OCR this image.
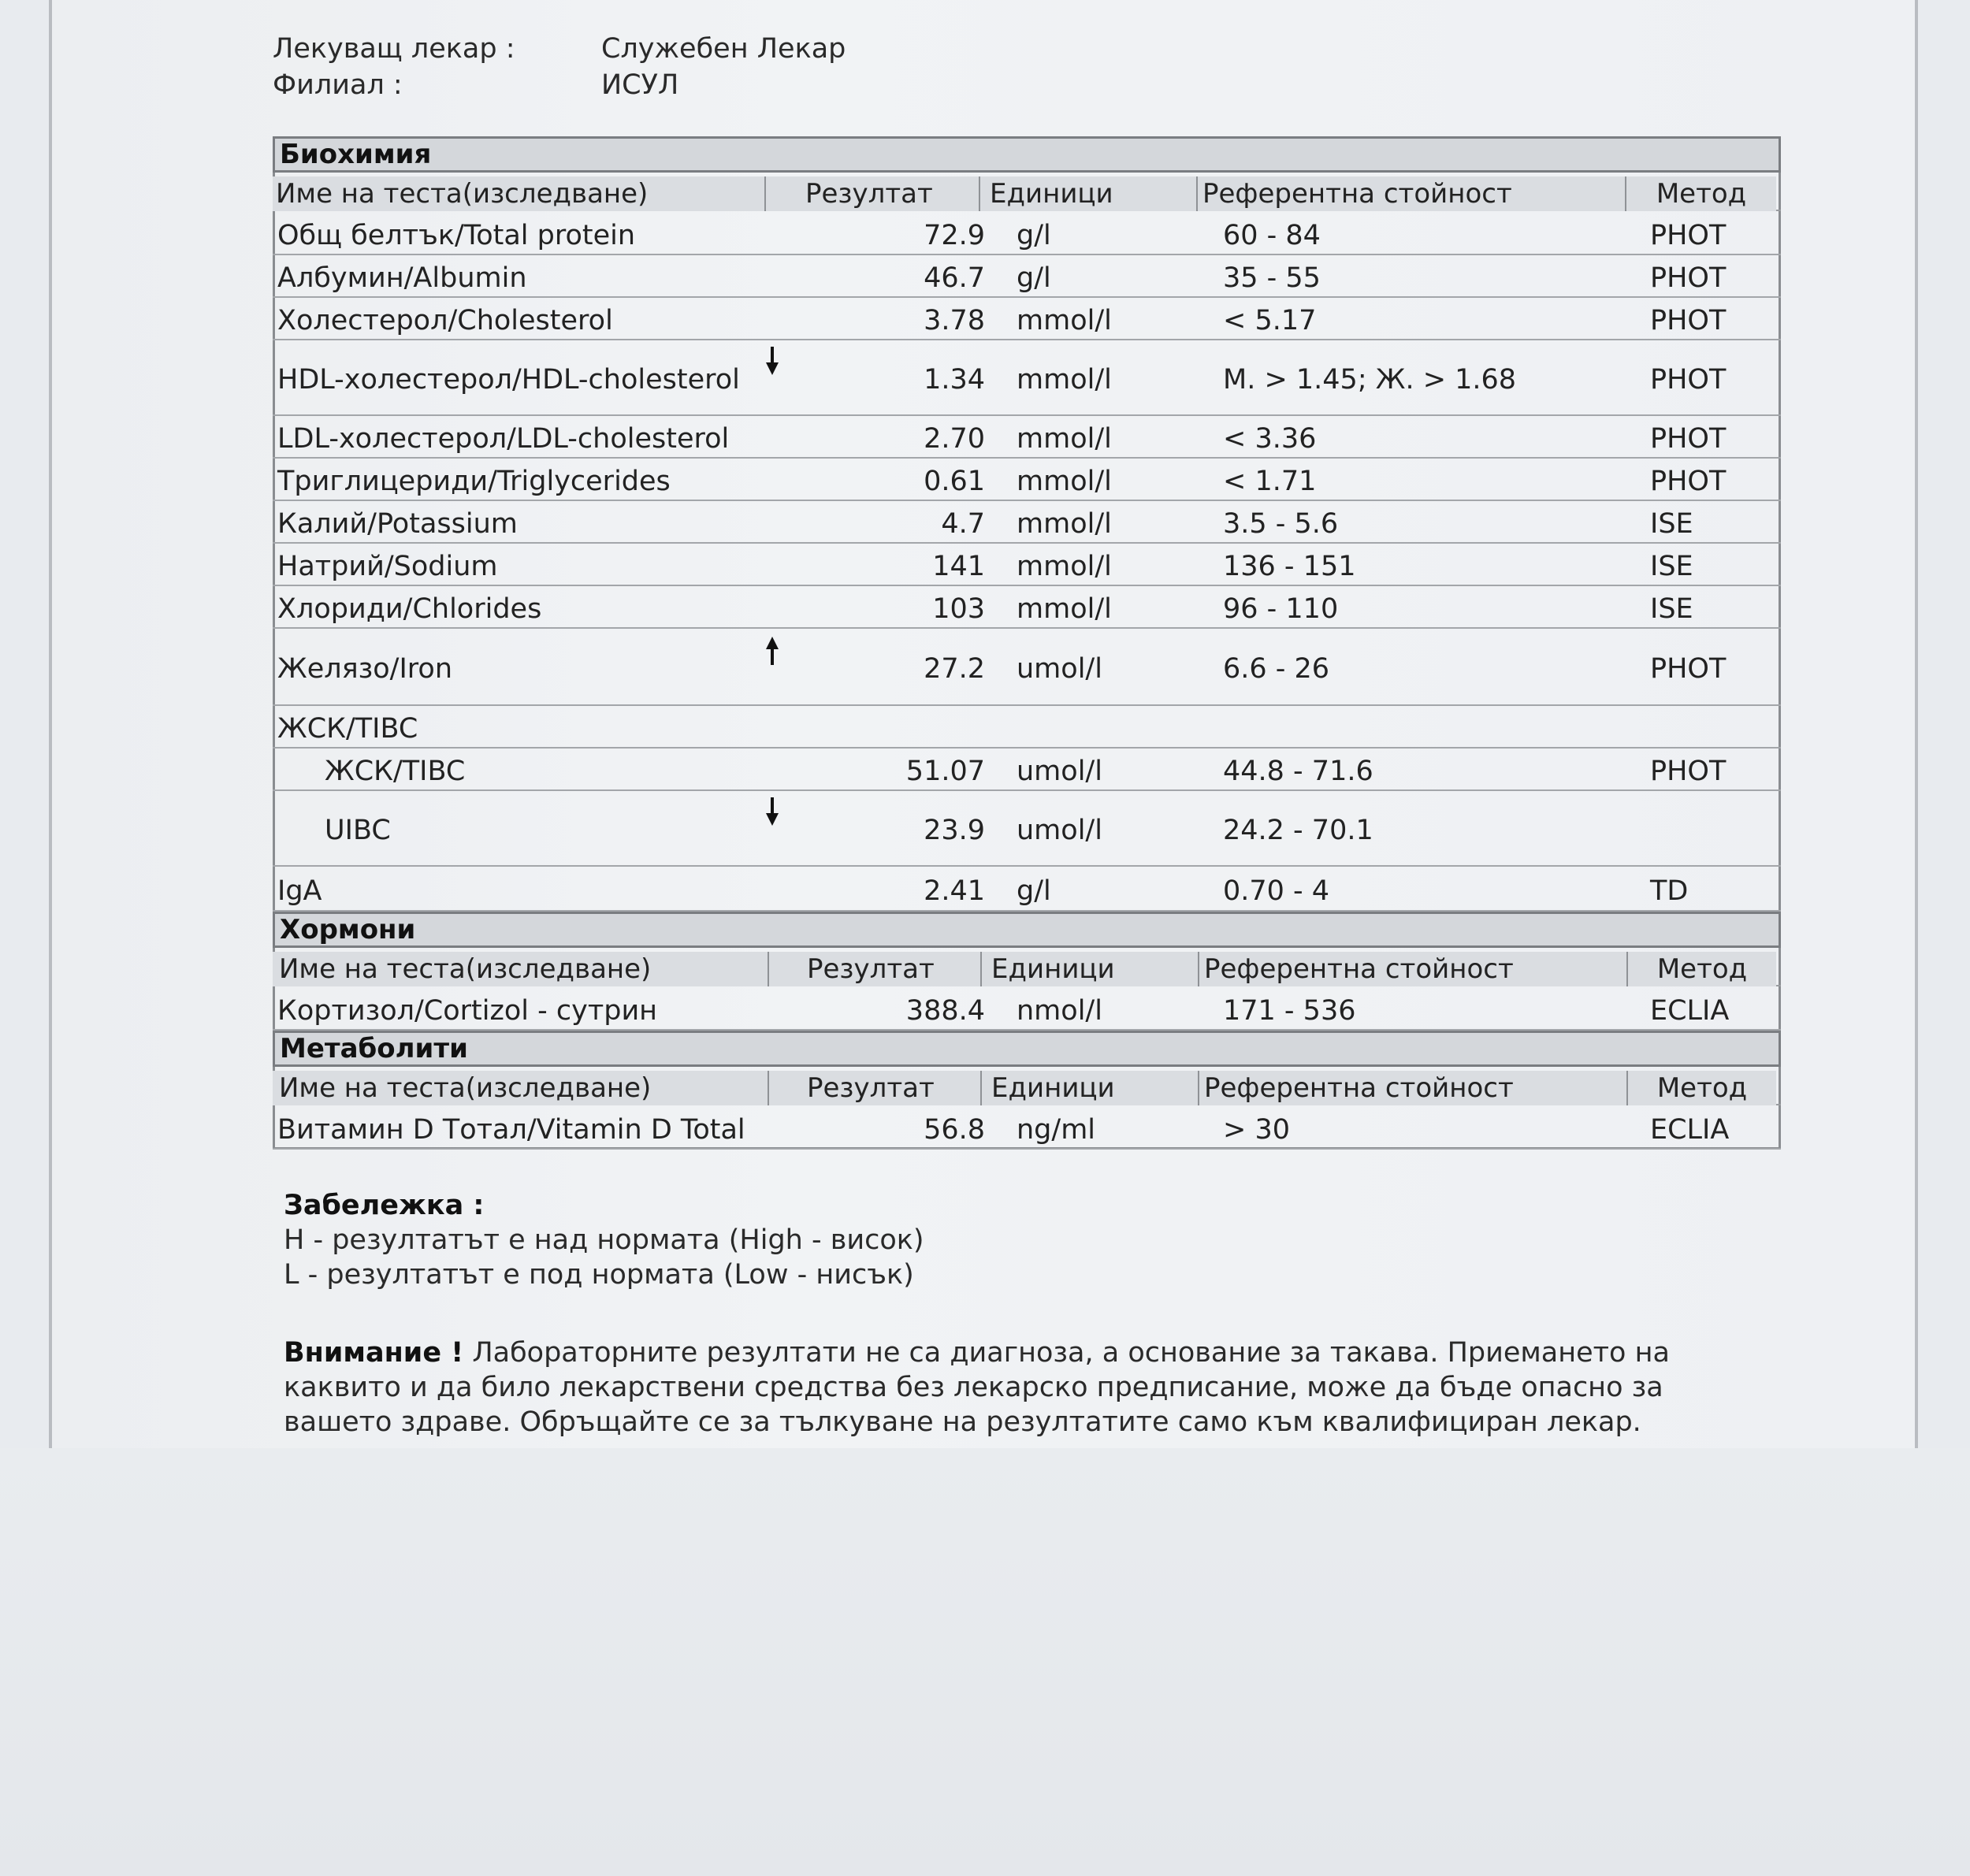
Лекуващ лекар :	Служебен Лекар
Филиал :	ИСУЛ
Биохимия
Име на теста(изследване)	Резултат	Единици	Референтна стойност	Метод
Общ белтък/Total protein	72.9 g/l	60 - 84	PHOT
Албумин/Albumin	46.7 g/l	35 - 55	PHOT
Холестерол/Cholesterol	3.78 mmol/l	< 5.17	PHOT
HDL-холестерол/HDL-cholesterol	1.34 mmol/l	М. > 1.45; Ж. > 1.68	PHOT
LDL-холестерол/LDL-cholesterol	2.70 mmol/l	< 3.36	PHOT
Триглицериди/Triglycerides	0.61 mmol/l	< 1.71	PHOT
Калий/Potassium	4.7 mmol/l	3.5 - 5.6	ISE
Натрий/Sodium	141 mmol/l	136 - 151	ISE
Хлориди/Chlorides	103 mmol/l	96 - 110	ISE
Желязо/Iron	27.2 umol/l	6.6 - 26	PHOT
ЖСК/TIBC
ЖСК/TIBC	51.07 umol/l	44.8 - 71.6	PHOT
UIBC	23.9 umol/l	24.2 - 70.1
IgA	2.41 g/l	0.70 - 4	TD
Хормони
Име на теста(изследване)	Резултат	Единици	Референтна стойност	Метод
Кортизол/Cortizol - сутрин	388.4 nmol/l	171 - 536	ECLIA
Метаболити
Име на теста(изследване)	Резултат	Единици	Референтна стойност	Метод
Витамин D Тотал/Vitamin D Total	56.8 ng/ml	> 30	ECLIA
Забележка :
H - резултатът е над нормата (High - висок)
L - резултатът е под нормата (Low - нисък)
Внимание ! Лабораторните резултати не са диагноза, а основание за такава. Приемането на каквито и да било лекарствени средства без лекарско предписание, може да бъде опасно за вашето здраве. Обръщайте се за тълкуване на резултатите само към квалифициран лекар.
